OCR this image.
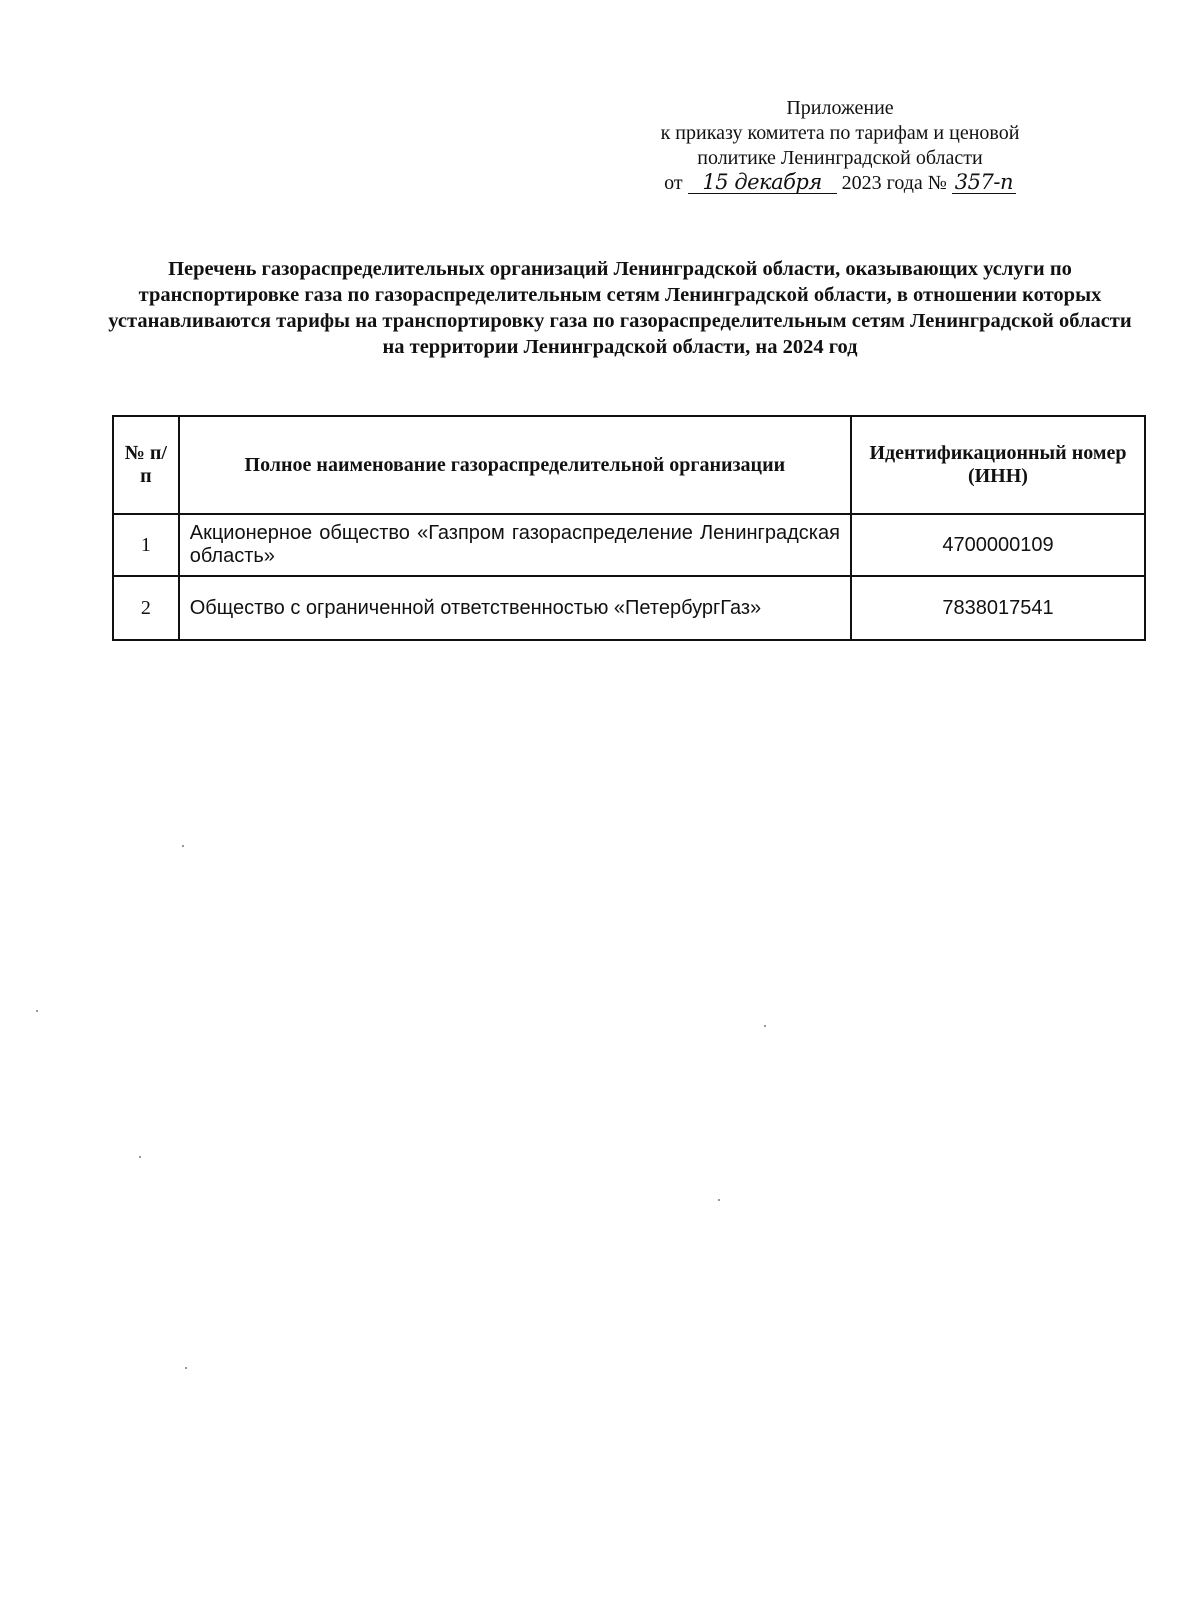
Приложение
к приказу комитета по тарифам и ценовой
политике Ленинградской области
от 15 декабря 2023 года № 357-п
Перечень газораспределительных организаций Ленинградской области, оказывающих услуги по транспортировке газа по газораспределительным сетям Ленинградской области, в отношении которых устанавливаются тарифы на транспортировку газа по газораспределительным сетям Ленинградской области на территории Ленинградской области, на 2024 год
№ п/п	Полное наименование газораспределительной организации	Идентификационный номер (ИНН)
1	Акционерное общество «Газпром газораспределение Ленинградская область»	4700000109
2	Общество с ограниченной ответственностью «ПетербургГаз»	7838017541
